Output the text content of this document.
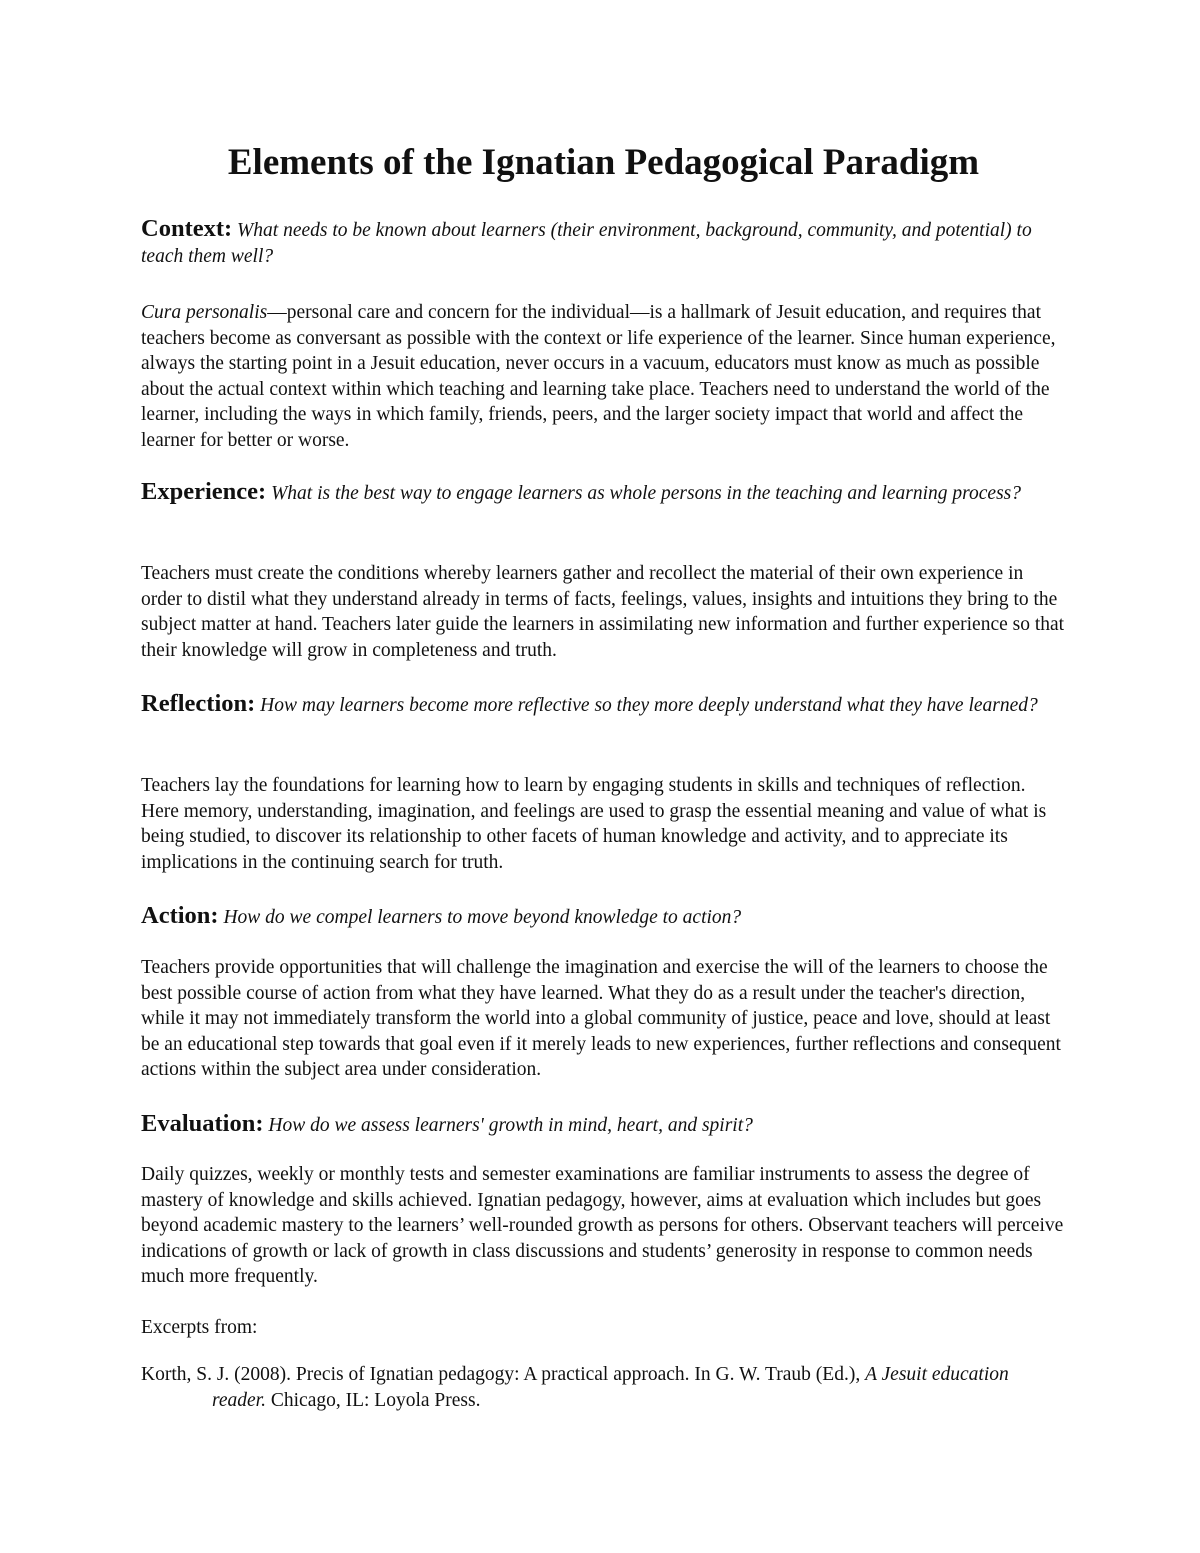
Elements of the Ignatian Pedagogical Paradigm

Context: What needs to be known about learners (their environment, background, community, and potential) to teach them well?

Cura personalis—personal care and concern for the individual—is a hallmark of Jesuit education, and requires that teachers become as conversant as possible with the context or life experience of the learner. Since human experience, always the starting point in a Jesuit education, never occurs in a vacuum, educators must know as much as possible about the actual context within which teaching and learning take place. Teachers need to understand the world of the learner, including the ways in which family, friends, peers, and the larger society impact that world and affect the learner for better or worse.

Experience: What is the best way to engage learners as whole persons in the teaching and learning process?

Teachers must create the conditions whereby learners gather and recollect the material of their own experience in order to distil what they understand already in terms of facts, feelings, values, insights and intuitions they bring to the subject matter at hand. Teachers later guide the learners in assimilating new information and further experience so that their knowledge will grow in completeness and truth.

Reflection: How may learners become more reflective so they more deeply understand what they have learned?

Teachers lay the foundations for learning how to learn by engaging students in skills and techniques of reflection. Here memory, understanding, imagination, and feelings are used to grasp the essential meaning and value of what is being studied, to discover its relationship to other facets of human knowledge and activity, and to appreciate its implications in the continuing search for truth.

Action: How do we compel learners to move beyond knowledge to action?

Teachers provide opportunities that will challenge the imagination and exercise the will of the learners to choose the best possible course of action from what they have learned. What they do as a result under the teacher's direction, while it may not immediately transform the world into a global community of justice, peace and love, should at least be an educational step towards that goal even if it merely leads to new experiences, further reflections and consequent actions within the subject area under consideration.

Evaluation: How do we assess learners' growth in mind, heart, and spirit?

Daily quizzes, weekly or monthly tests and semester examinations are familiar instruments to assess the degree of mastery of knowledge and skills achieved. Ignatian pedagogy, however, aims at evaluation which includes but goes beyond academic mastery to the learners’ well-rounded growth as persons for others. Observant teachers will perceive indications of growth or lack of growth in class discussions and students’ generosity in response to common needs much more frequently.

Excerpts from:

Korth, S. J. (2008). Precis of Ignatian pedagogy: A practical approach. In G. W. Traub (Ed.), A Jesuit education reader. Chicago, IL: Loyola Press.
